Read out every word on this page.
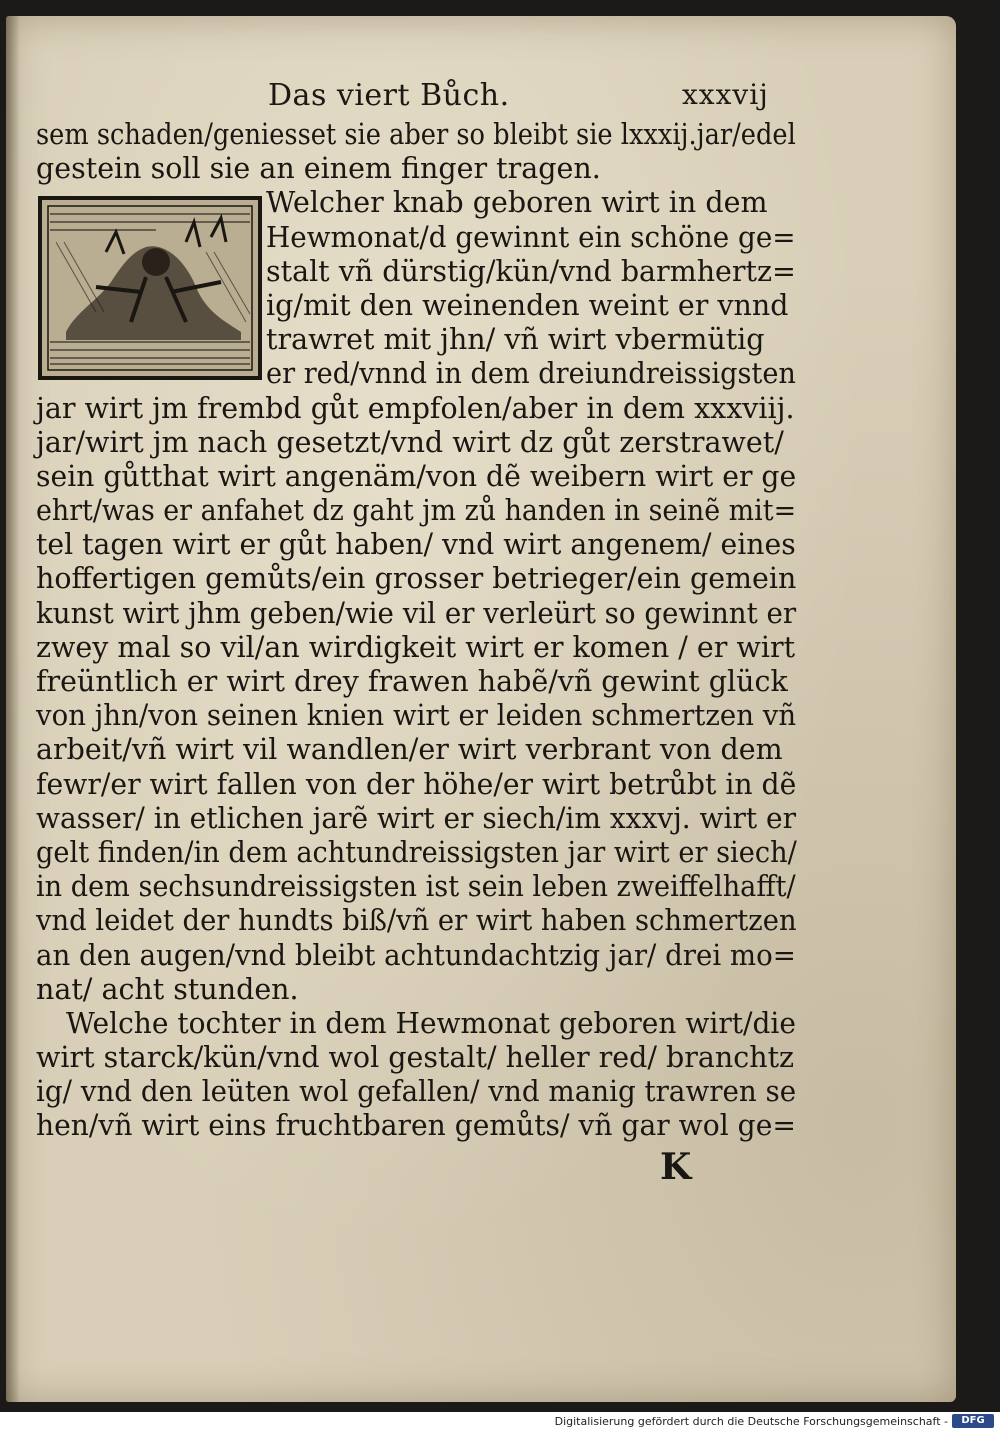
Das viert Bůch.	xxxvij
sem schaden/geniesset sie aber so bleibt sie lxxxij.jar/edel
gestein soll sie an einem finger tragen.
Welcher knab geboren wirt in dem
Hewmonat/d gewinnt ein schöne ge=
stalt vñ dürstig/kün/vnd barmhertz=
ig/mit den weinenden weint er vnnd
trawret mit jhn/ vñ wirt vbermütig
er red/vnnd in dem dreiundreissigsten
jar wirt jm frembd gůt empfolen/aber in dem xxxviij.
jar/wirt jm nach gesetzt/vnd wirt dz gůt zerstrawet/
sein gůtthat wirt angenäm/von dẽ weibern wirt er ge
ehrt/was er anfahet dz gaht jm zů handen in seinẽ mit=
tel tagen wirt er gůt haben/ vnd wirt angenem/ eines
hoffertigen gemůts/ein grosser betrieger/ein gemein
kunst wirt jhm geben/wie vil er verleürt so gewinnt er
zwey mal so vil/an wirdigkeit wirt er komen / er wirt
freüntlich er wirt drey frawen habẽ/vñ gewint glück
von jhn/von seinen knien wirt er leiden schmertzen vñ
arbeit/vñ wirt vil wandlen/er wirt verbrant von dem
fewr/er wirt fallen von der höhe/er wirt betrůbt in dẽ
wasser/ in etlichen jarẽ wirt er siech/im xxxvj. wirt er
gelt finden/in dem achtundreissigsten jar wirt er siech/
in dem sechsundreissigsten ist sein leben zweiffelhafft/
vnd leidet der hundts biß/vñ er wirt haben schmertzen
an den augen/vnd bleibt achtundachtzig jar/ drei mo=
nat/ acht stunden.
Welche tochter in dem Hewmonat geboren wirt/die
wirt starck/kün/vnd wol gestalt/ heller red/ branchtz
ig/ vnd den leüten wol gefallen/ vnd manig trawren se
hen/vñ wirt eins fruchtbaren gemůts/ vñ gar wol ge=
K
Digitalisierung gefördert durch die Deutsche Forschungsgemeinschaft -	DFG
